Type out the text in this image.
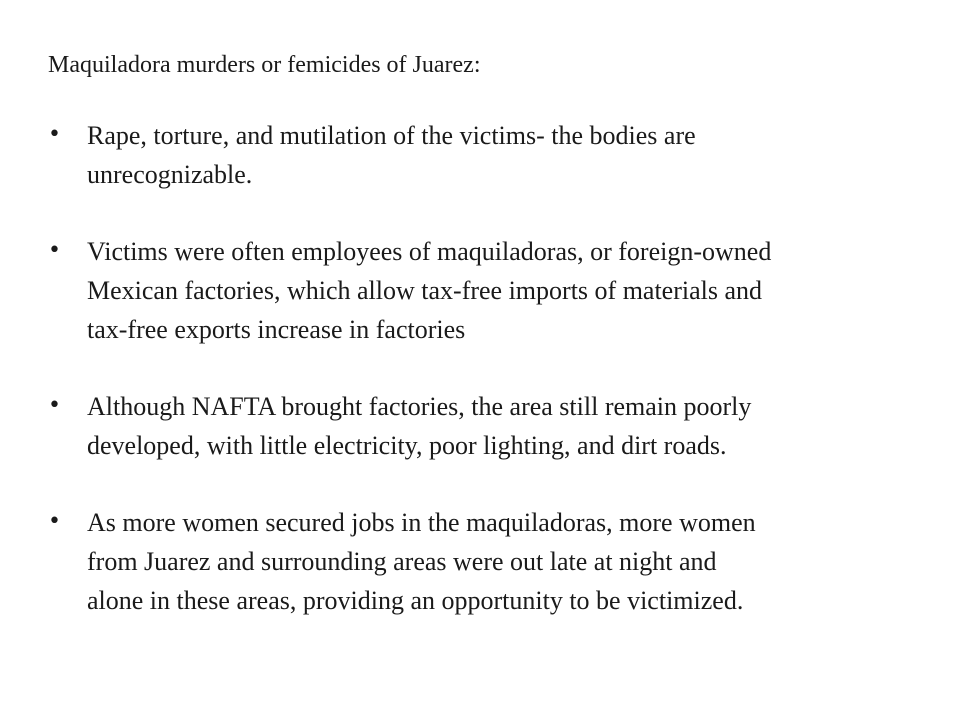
Maquiladora murders or femicides of Juarez:
• Rape, torture, and mutilation of the victims- the bodies are
unrecognizable.
• Victims were often employees of maquiladoras, or foreign-owned
Mexican factories, which allow tax-free imports of materials and
tax-free exports increase in factories
• Although NAFTA brought factories, the area still remain poorly
developed, with little electricity, poor lighting, and dirt roads.
• As more women secured jobs in the maquiladoras, more women
from Juarez and surrounding areas were out late at night and
alone in these areas, providing an opportunity to be victimized.
